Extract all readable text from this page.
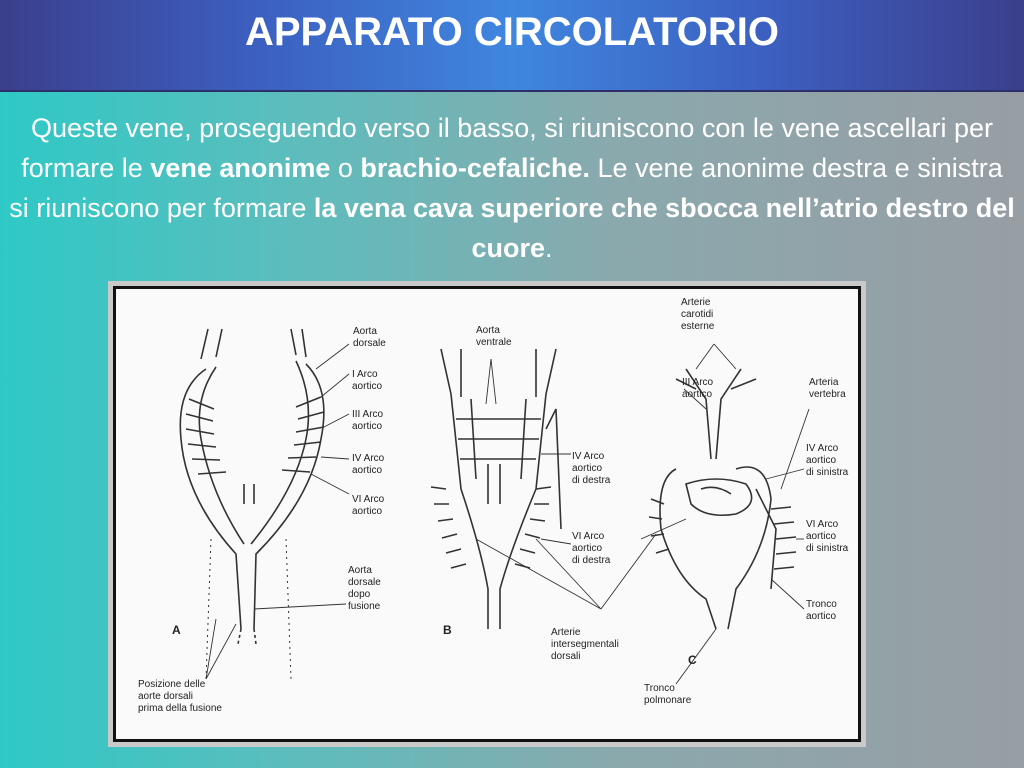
APPARATO CIRCOLATORIO
Queste vene, proseguendo verso il basso, si riuniscono con le vene ascellari per formare le vene anonime o brachio-cefaliche. Le vene anonime destra e sinistra si riuniscono per formare la vena cava superiore che sbocca nell’atrio destro del cuore.
A	B
C
Aorta
dorsale
I Arco
aortico
III Arco
aortico
IV Arco
aortico
VI Arco
aortico
Aorta
dorsale
dopo
fusione
Posizione delle
aorte dorsali
prima della fusione
Aorta
ventrale
IV Arco
aortico
di destra
VI Arco
aortico
di destra
Arterie
intersegmentali
dorsali
Arterie
carotidi
esterne
III Arco
aortico
Arteria
vertebra
IV Arco
aortico
di sinistra
VI Arco
aortico
di sinistra
Tronco
aortico
Tronco
polmonare
